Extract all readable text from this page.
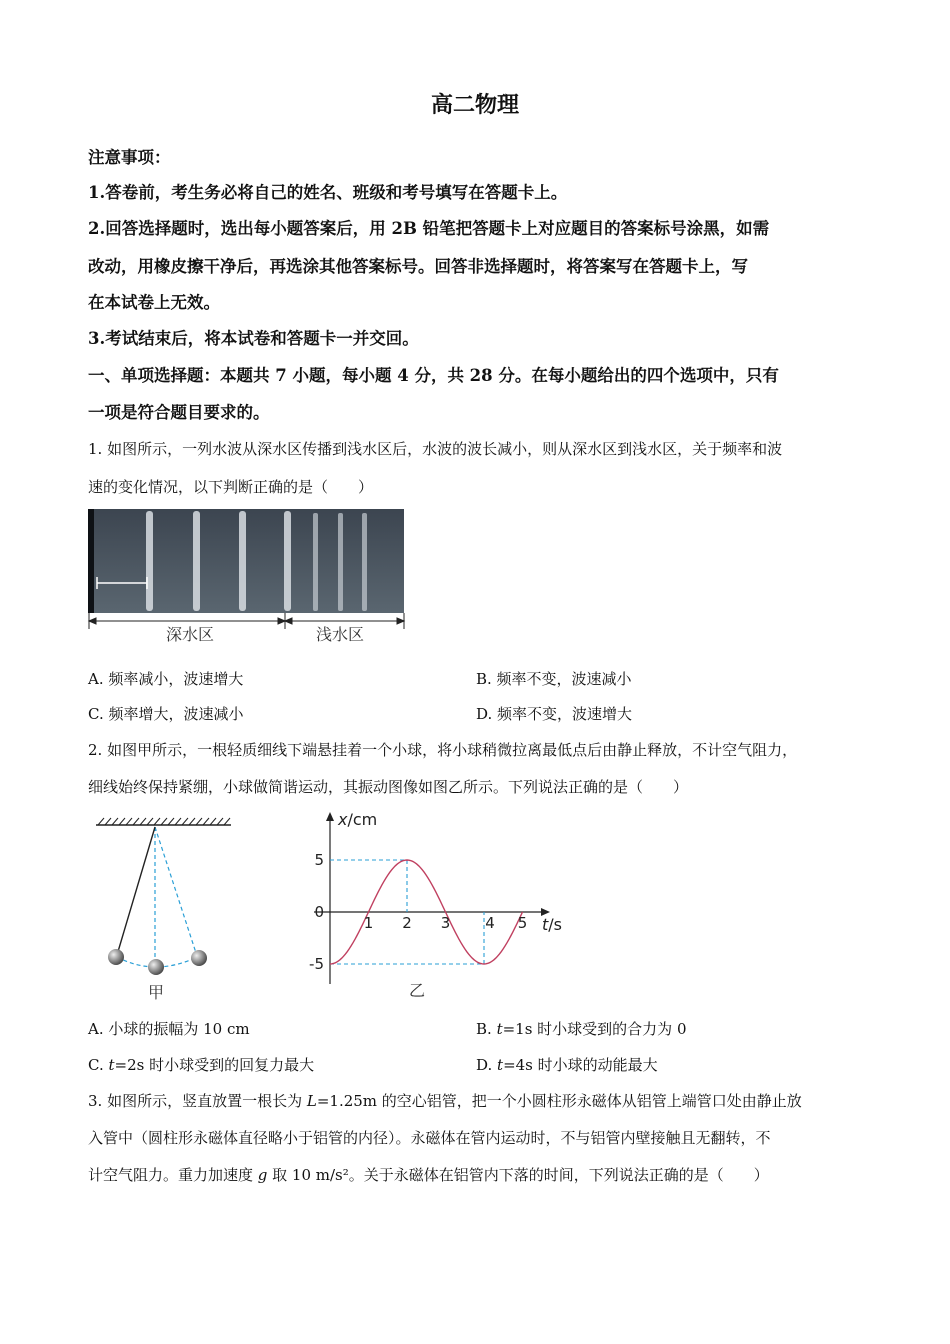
高二物理
注意事项：
1.答卷前，考生务必将自己的姓名、班级和考号填写在答题卡上。
2.回答选择题时，选出每小题答案后，用 2B 铅笔把答题卡上对应题目的答案标号涂黑，如需
改动，用橡皮擦干净后，再选涂其他答案标号。回答非选择题时，将答案写在答题卡上，写
在本试卷上无效。
3.考试结束后，将本试卷和答题卡一并交回。
一、单项选择题：本题共 7 小题，每小题 4 分，共 28 分。在每小题给出的四个选项中，只有
一项是符合题目要求的。
1. 如图所示，一列水波从深水区传播到浅水区后，水波的波长减小，则从深水区到浅水区，关于频率和波
速的变化情况，以下判断正确的是（　　）
深水区	浅水区
A. 频率减小，波速增大	B. 频率不变，波速减小
C. 频率增大，波速减小	D. 频率不变，波速增大
2. 如图甲所示，一根轻质细线下端悬挂着一个小球，将小球稍微拉离最低点后由静止释放，不计空气阻力，
细线始终保持紧绷，小球做简谐运动，其振动图像如图乙所示。下列说法正确的是（　　）
甲
x/cm
t/s
1 2 3 4 5
5
0
-5
乙
A. 小球的振幅为 10 cm	B. t=1s 时小球受到的合力为 0
C. t=2s 时小球受到的回复力最大	D. t=4s 时小球的动能最大
3. 如图所示，竖直放置一根长为 L=1.25m 的空心铝管，把一个小圆柱形永磁体从铝管上端管口处由静止放
入管中（圆柱形永磁体直径略小于铝管的内径）。永磁体在管内运动时，不与铝管内壁接触且无翻转，不
计空气阻力。重力加速度 g 取 10 m/s²。关于永磁体在铝管内下落的时间，下列说法正确的是（　　）
